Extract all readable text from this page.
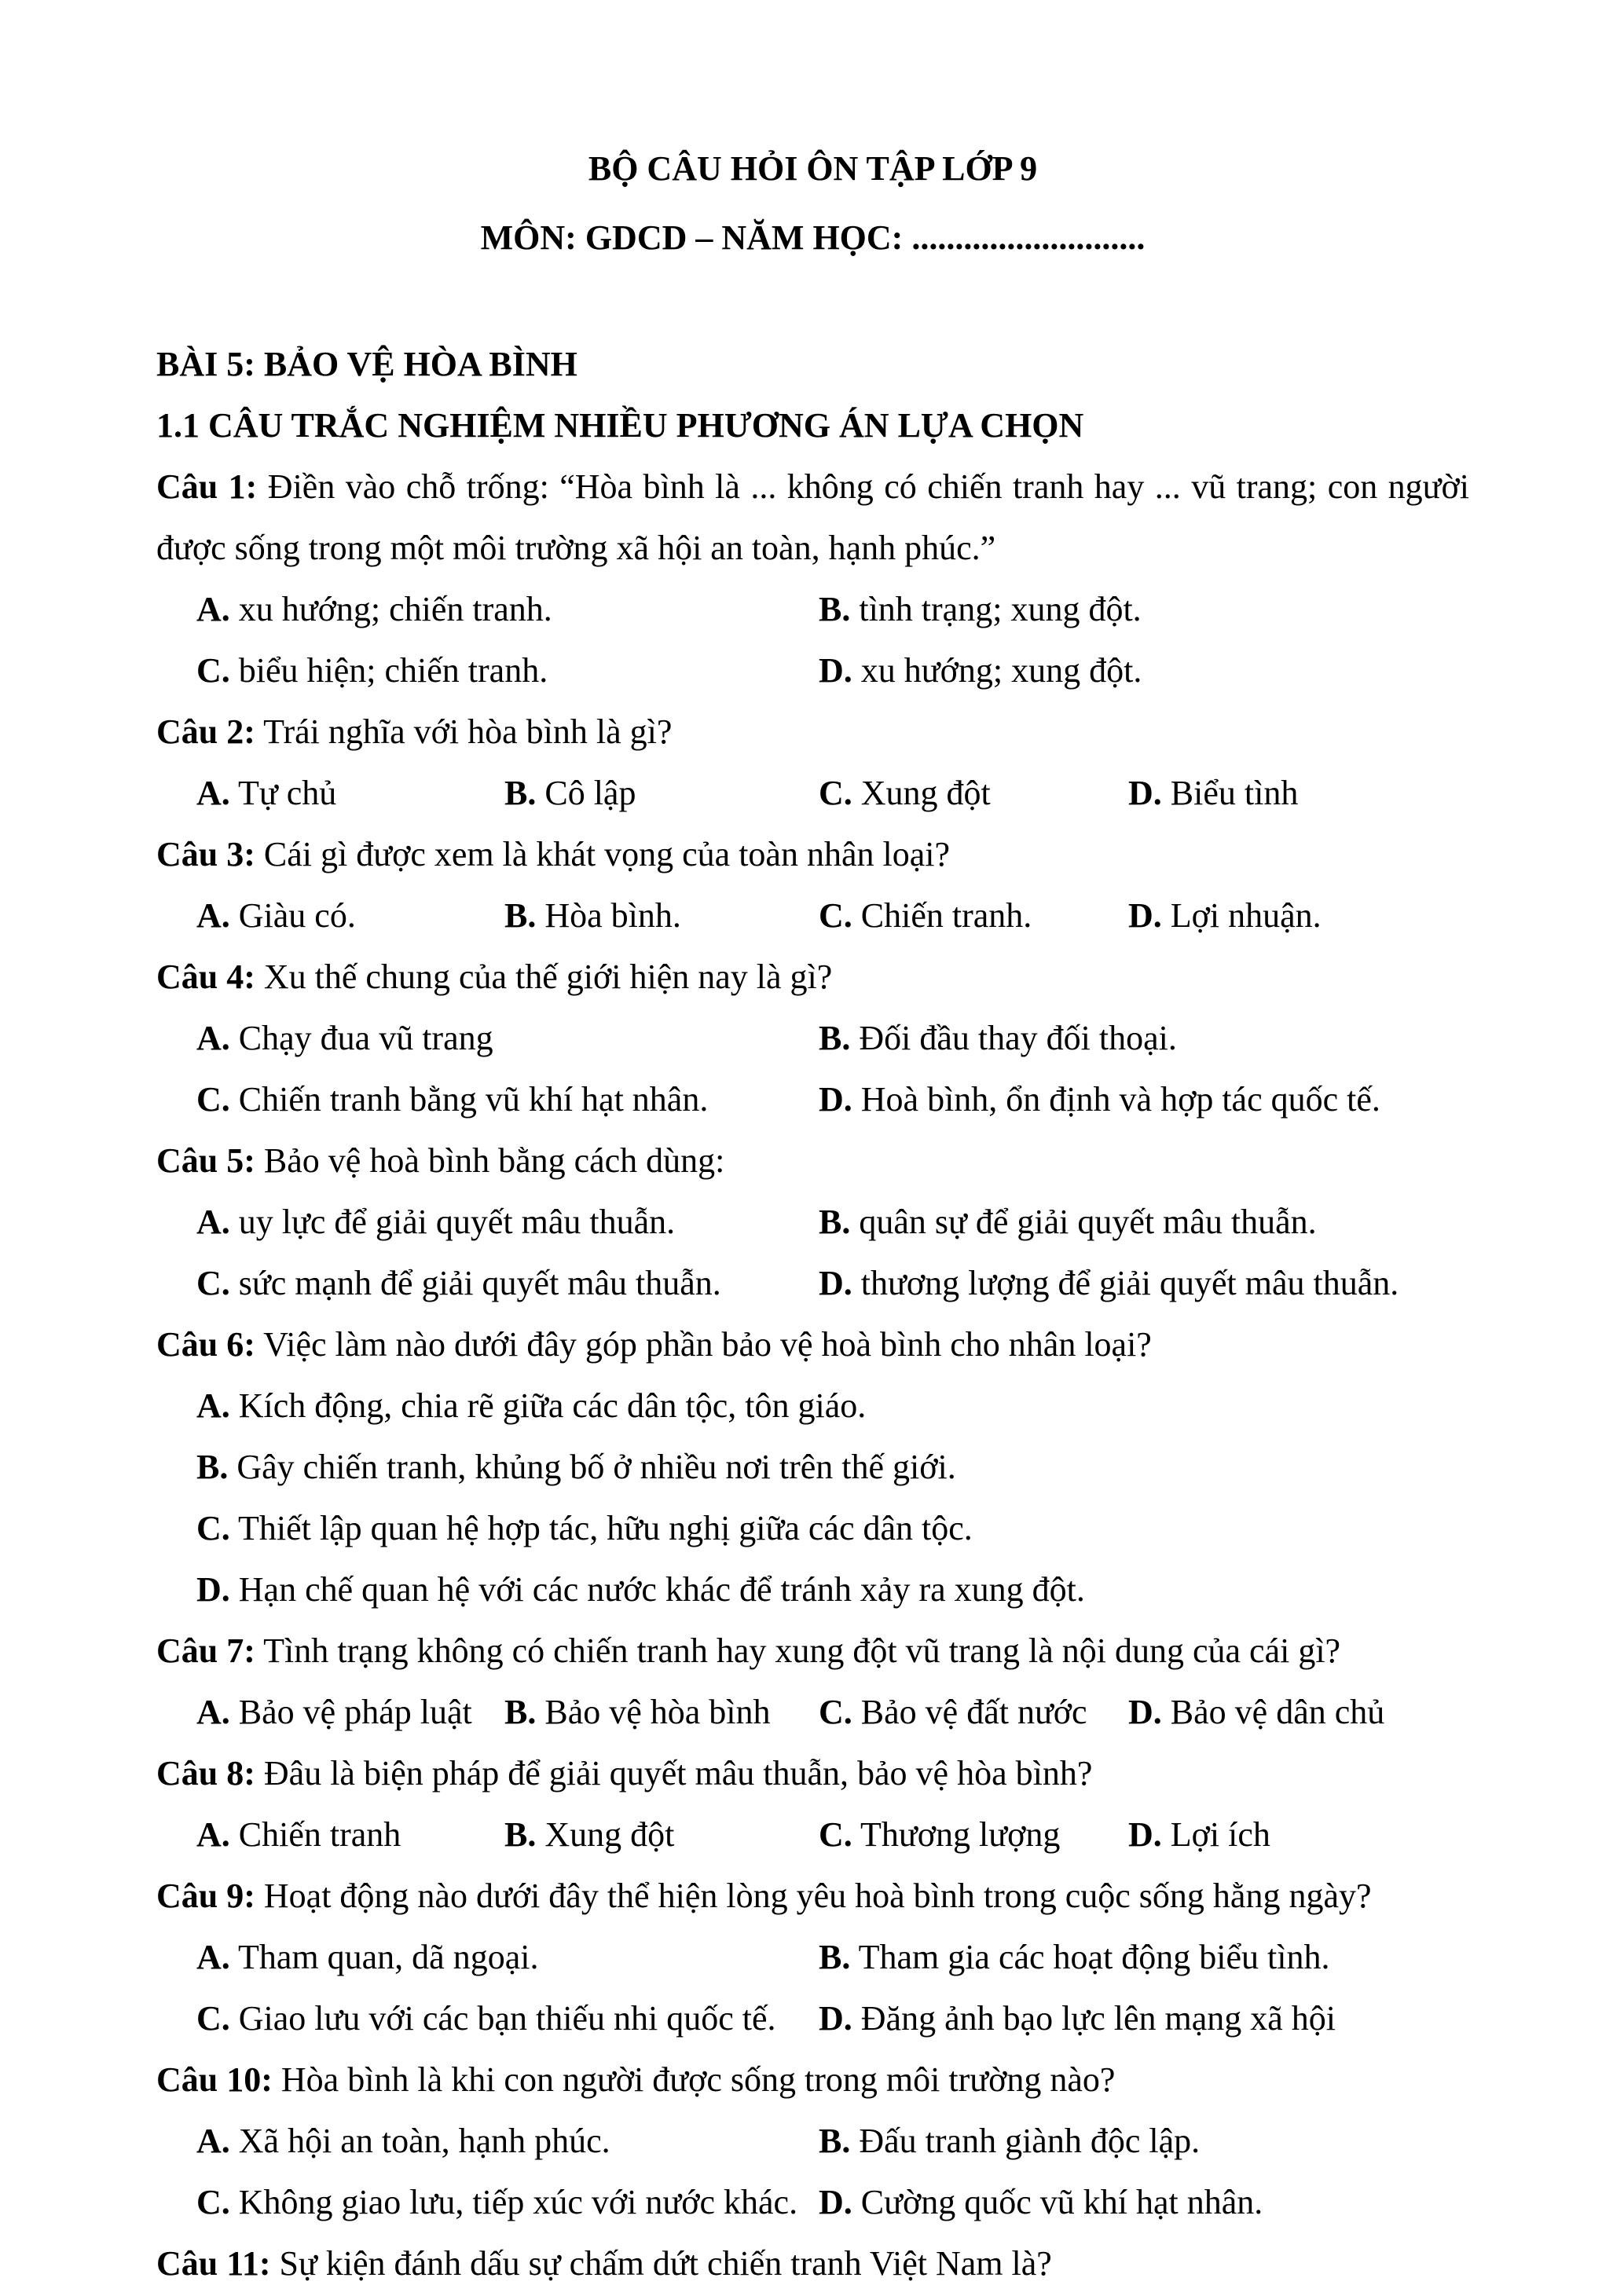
BỘ CÂU HỎI ÔN TẬP LỚP 9
MÔN: GDCD – NĂM HỌC: ...........................
BÀI 5: BẢO VỆ HÒA BÌNH
1.1 CÂU TRẮC NGHIỆM NHIỀU PHƯƠNG ÁN LỰA CHỌN
Câu 1: Điền vào chỗ trống: “Hòa bình là ... không có chiến tranh hay ... vũ trang; con người được sống trong một môi trường xã hội an toàn, hạnh phúc.”
A. xu hướng; chiến tranh.	B. tình trạng; xung đột.
C. biểu hiện; chiến tranh.	D. xu hướng; xung đột.
Câu 2: Trái nghĩa với hòa bình là gì?
A. Tự chủ	B. Cô lập	C. Xung đột	D. Biểu tình
Câu 3: Cái gì được xem là khát vọng của toàn nhân loại?
A. Giàu có.	B. Hòa bình.	C. Chiến tranh.	D. Lợi nhuận.
Câu 4: Xu thế chung của thế giới hiện nay là gì?
A. Chạy đua vũ trang	B. Đối đầu thay đối thoại.
C. Chiến tranh bằng vũ khí hạt nhân.	D. Hoà bình, ổn định và hợp tác quốc tế.
Câu 5: Bảo vệ hoà bình bằng cách dùng:
A. uy lực để giải quyết mâu thuẫn.	B. quân sự để giải quyết mâu thuẫn.
C. sức mạnh để giải quyết mâu thuẫn.	D. thương lượng để giải quyết mâu thuẫn.
Câu 6: Việc làm nào dưới đây góp phần bảo vệ hoà bình cho nhân loại?
A. Kích động, chia rẽ giữa các dân tộc, tôn giáo.
B. Gây chiến tranh, khủng bố ở nhiều nơi trên thế giới.
C. Thiết lập quan hệ hợp tác, hữu nghị giữa các dân tộc.
D. Hạn chế quan hệ với các nước khác để tránh xảy ra xung đột.
Câu 7: Tình trạng không có chiến tranh hay xung đột vũ trang là nội dung của cái gì?
A. Bảo vệ pháp luật B. Bảo vệ hòa bình C. Bảo vệ đất nước D. Bảo vệ dân chủ
Câu 8: Đâu là biện pháp để giải quyết mâu thuẫn, bảo vệ hòa bình?
A. Chiến tranh	B. Xung đột	C. Thương lượng D. Lợi ích
Câu 9: Hoạt động nào dưới đây thể hiện lòng yêu hoà bình trong cuộc sống hằng ngày?
A. Tham quan, dã ngoại.	B. Tham gia các hoạt động biểu tình.
C. Giao lưu với các bạn thiếu nhi quốc tế. D. Đăng ảnh bạo lực lên mạng xã hội
Câu 10: Hòa bình là khi con người được sống trong môi trường nào?
A. Xã hội an toàn, hạnh phúc.	B. Đấu tranh giành độc lập.
C. Không giao lưu, tiếp xúc với nước khác. D. Cường quốc vũ khí hạt nhân.
Câu 11: Sự kiện đánh dấu sự chấm dứt chiến tranh Việt Nam là?
